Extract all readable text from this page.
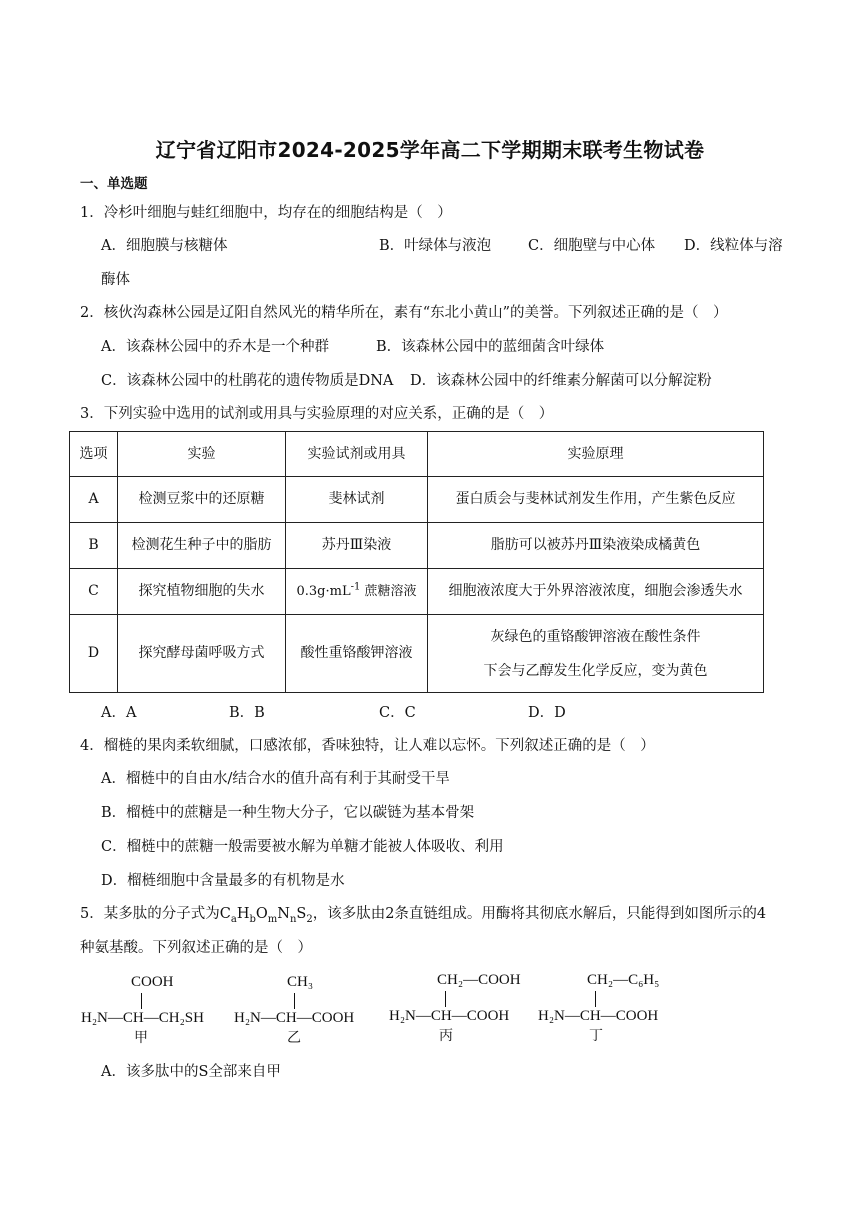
辽宁省辽阳市2024-2025学年高二下学期期末联考生物试卷
一、单选题
1．冷杉叶细胞与蛙红细胞中，均存在的细胞结构是（　）
A．细胞膜与核糖体	B．叶绿体与液泡	C．细胞壁与中心体 D．线粒体与溶
酶体
2．核伙沟森林公园是辽阳自然风光的精华所在，素有“东北小黄山”的美誉。下列叙述正确的是（　）
A．该森林公园中的乔木是一个种群	B．该森林公园中的蓝细菌含叶绿体
C．该森林公园中的杜鹃花的遗传物质是DNA D．该森林公园中的纤维素分解菌可以分解淀粉
3．下列实验中选用的试剂或用具与实验原理的对应关系，正确的是（　）
选项	实验	实验试剂或用具	实验原理
A	检测豆浆中的还原糖	斐林试剂	蛋白质会与斐林试剂发生作用，产生紫色反应
B	检测花生种子中的脂肪	苏丹Ⅲ染液	脂肪可以被苏丹Ⅲ染液染成橘黄色
C	探究植物细胞的失水	$0.3g\cdot mL^{-1}$ 蔗糖溶液	细胞液浓度大于外界溶液浓度，细胞会渗透失水
D	探究酵母菌呼吸方式	酸性重铬酸钾溶液	灰绿色的重铬酸钾溶液在酸性条件
下会与乙醇发生化学反应，变为黄色
A．A	B．B	C．C	D．D
4．榴梿的果肉柔软细腻，口感浓郁，香味独特，让人难以忘怀。下列叙述正确的是（　）
A．榴梿中的自由水/结合水的值升高有利于其耐受干旱
B．榴梿中的蔗糖是一种生物大分子，它以碳链为基本骨架
C．榴梿中的蔗糖一般需要被水解为单糖才能被人体吸收、利用
D．榴梿细胞中含量最多的有机物是水
5．某多肽的分子式为$C_aH_bO_mN_nS_2$，该多肽由2条直链组成。用酶将其彻底水解后，只能得到如图所示的4
种氨基酸。下列叙述正确的是（　）
COOH
H₂N—CH—CH₂SH
甲
CH₃
H₂N—CH—COOH
乙
CH₂—COOH
H₂N—CH—COOH
丙
CH₂—C₆H₅
H₂N—CH—COOH
丁
A．该多肽中的S全部来自甲
